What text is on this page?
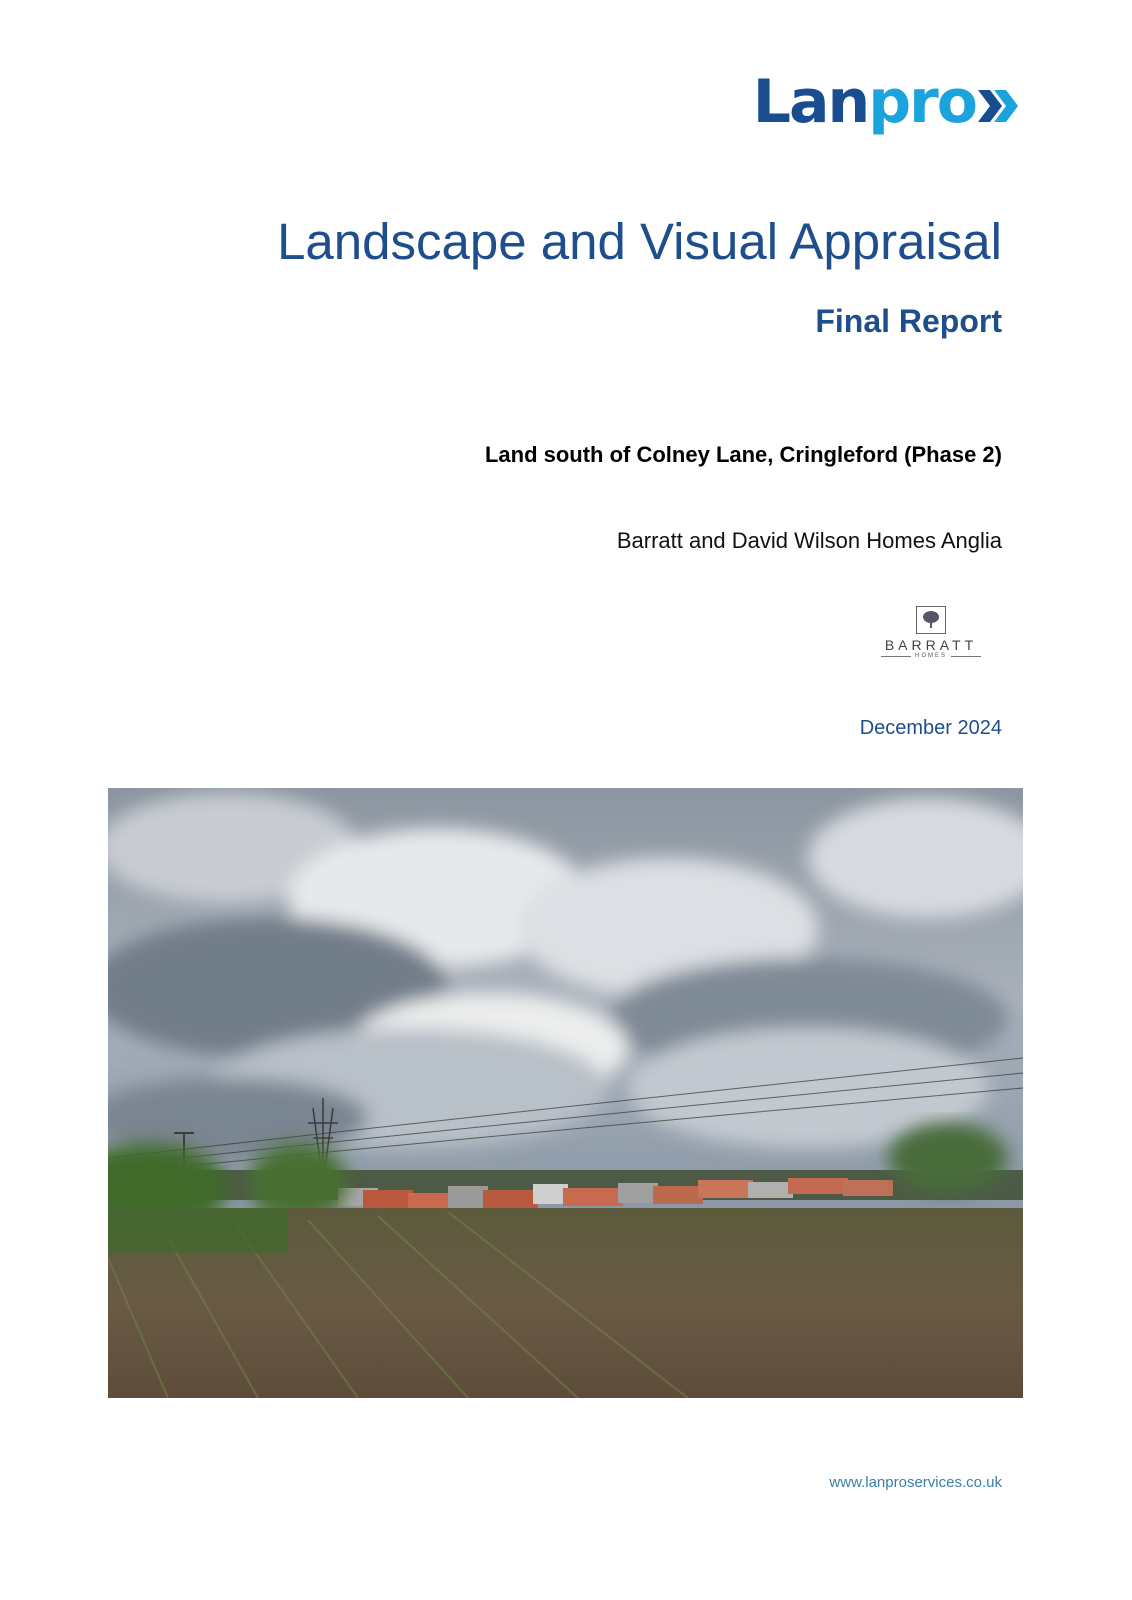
Lanpro
Landscape and Visual Appraisal
Final Report

Land south of Colney Lane, Cringleford (Phase 2)

Barratt and David Wilson Homes Anglia

BARRATT
HOMES

December 2024

www.lanproservices.co.uk
